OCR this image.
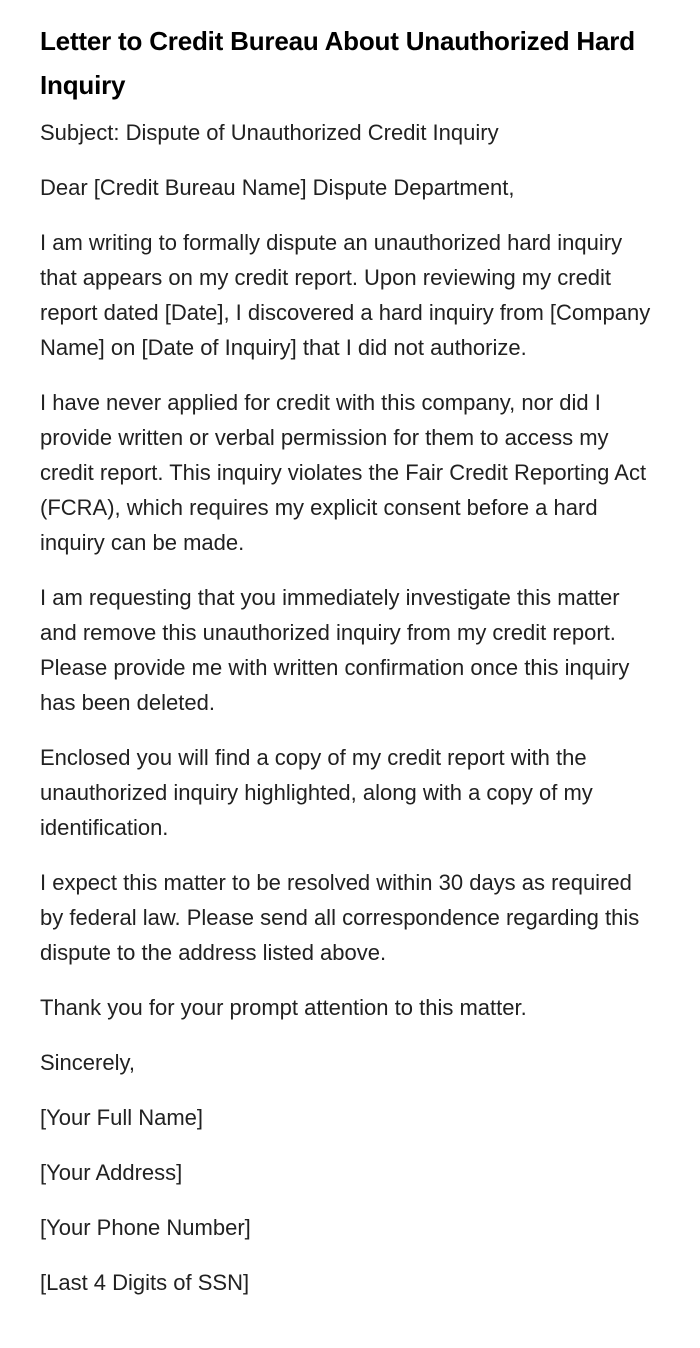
Letter to Credit Bureau About Unauthorized Hard Inquiry

Subject: Dispute of Unauthorized Credit Inquiry

Dear [Credit Bureau Name] Dispute Department,

I am writing to formally dispute an unauthorized hard inquiry that appears on my credit report. Upon reviewing my credit report dated [Date], I discovered a hard inquiry from [Company Name] on [Date of Inquiry] that I did not authorize.

I have never applied for credit with this company, nor did I provide written or verbal permission for them to access my credit report. This inquiry violates the Fair Credit Reporting Act (FCRA), which requires my explicit consent before a hard inquiry can be made.

I am requesting that you immediately investigate this matter and remove this unauthorized inquiry from my credit report. Please provide me with written confirmation once this inquiry has been deleted.

Enclosed you will find a copy of my credit report with the unauthorized inquiry highlighted, along with a copy of my identification.

I expect this matter to be resolved within 30 days as required by federal law. Please send all correspondence regarding this dispute to the address listed above.

Thank you for your prompt attention to this matter.

Sincerely,

[Your Full Name]

[Your Address]

[Your Phone Number]

[Last 4 Digits of SSN]
